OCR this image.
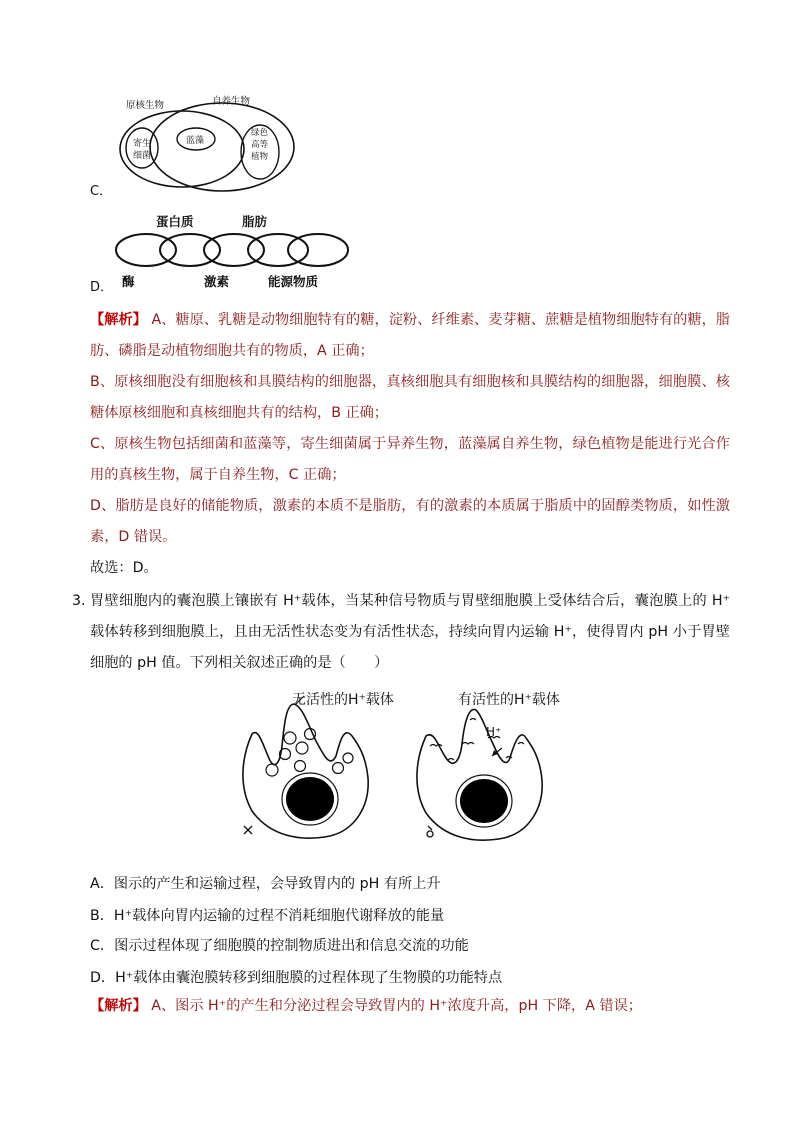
原核生物	自养生物
寄生
细菌
蓝藻
绿色
高等
植物
C．
蛋白质	脂肪
酶	激素	能源物质
D．
【解析】 A、糖原、乳糖是动物细胞特有的糖，淀粉、纤维素、麦芽糖、蔗糖是植物细胞特有的糖，脂肪、磷脂是动植物细胞共有的物质，A 正确；
B、原核细胞没有细胞核和具膜结构的细胞器，真核细胞具有细胞核和具膜结构的细胞器，细胞膜、核糖体原核细胞和真核细胞共有的结构，B 正确；
C、原核生物包括细菌和蓝藻等，寄生细菌属于异养生物，蓝藻属自养生物，绿色植物是能进行光合作用的真核生物，属于自养生物，C 正确；
D、脂肪是良好的储能物质，激素的本质不是脂肪，有的激素的本质属于脂质中的固醇类物质，如性激素，D 错误。
故选：D。
3. 胃壁细胞内的囊泡膜上镶嵌有 H⁺载体，当某种信号物质与胃壁细胞膜上受体结合后，囊泡膜上的 H⁺载体转移到细胞膜上，且由无活性状态变为有活性状态，持续向胃内运输 H⁺，使得胃内 pH 小于胃壁细胞的 pH 值。下列相关叙述正确的是（　　）
无活性的H⁺载体	有活性的H⁺载体
H⁺
A．图示的产生和运输过程，会导致胃内的 pH 有所上升
B．H⁺载体向胃内运输的过程不消耗细胞代谢释放的能量
C．图示过程体现了细胞膜的控制物质进出和信息交流的功能
D．H⁺载体由囊泡膜转移到细胞膜的过程体现了生物膜的功能特点
【解析】 A、图示 H⁺的产生和分泌过程会导致胃内的 H⁺浓度升高，pH 下降，A 错误；
